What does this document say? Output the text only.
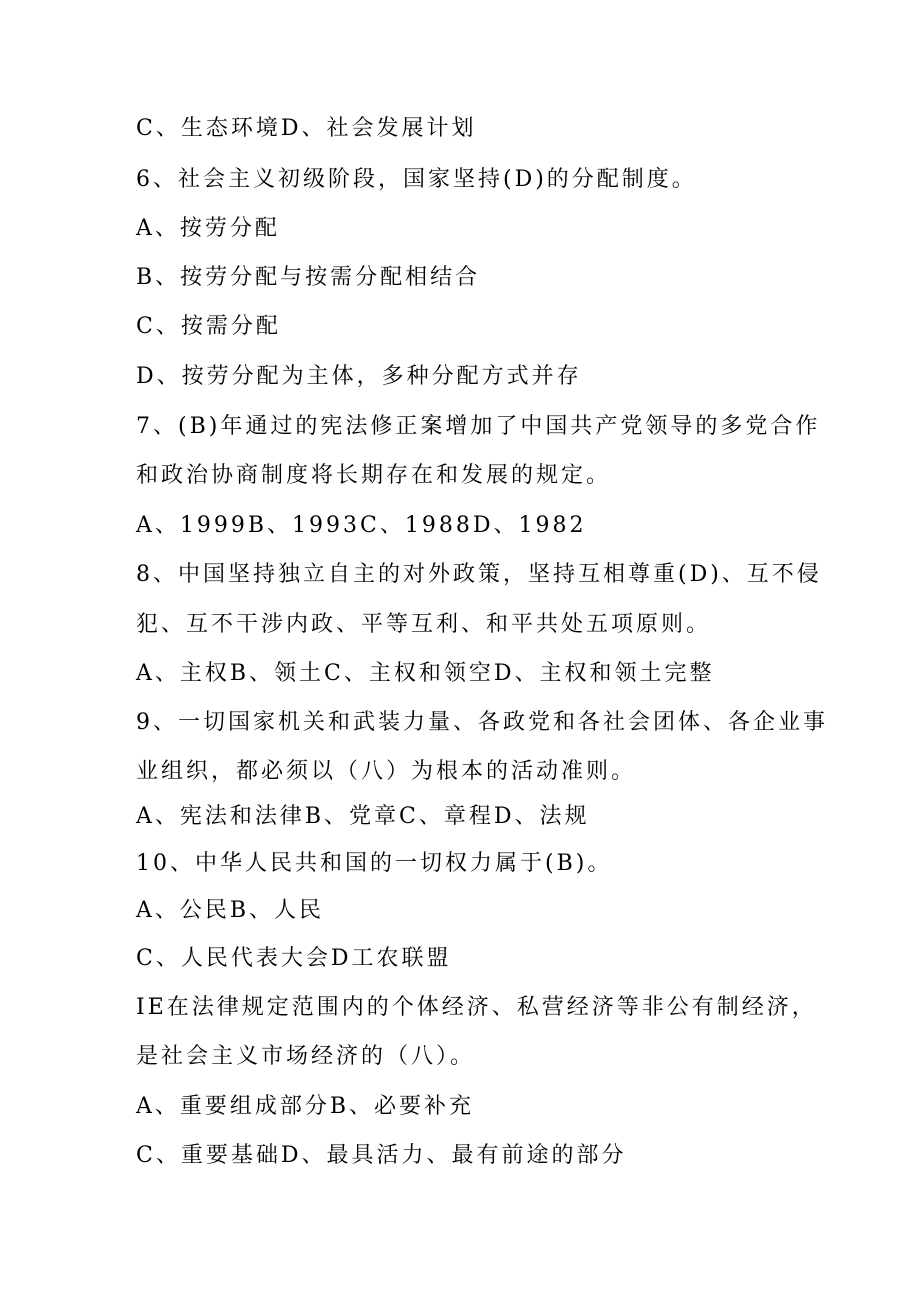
C、生态环境D、社会发展计划
6、社会主义初级阶段，国家坚持(D)的分配制度。
A、按劳分配
B、按劳分配与按需分配相结合
C、按需分配
D、按劳分配为主体，多种分配方式并存
7、(B)年通过的宪法修正案增加了中国共产党领导的多党合作
和政治协商制度将长期存在和发展的规定。
A、1999B、1993C、1988D、1982
8、中国坚持独立自主的对外政策，坚持互相尊重(D)、互不侵
犯、互不干涉内政、平等互利、和平共处五项原则。
A、主权B、领土C、主权和领空D、主权和领土完整
9、一切国家机关和武装力量、各政党和各社会团体、各企业事
业组织，都必须以（八）为根本的活动准则。
A、宪法和法律B、党章C、章程D、法规
10、中华人民共和国的一切权力属于(B)。
A、公民B、人民
C、人民代表大会D工农联盟
IE在法律规定范围内的个体经济、私营经济等非公有制经济，
是社会主义市场经济的（八）。
A、重要组成部分B、必要补充
C、重要基础D、最具活力、最有前途的部分
